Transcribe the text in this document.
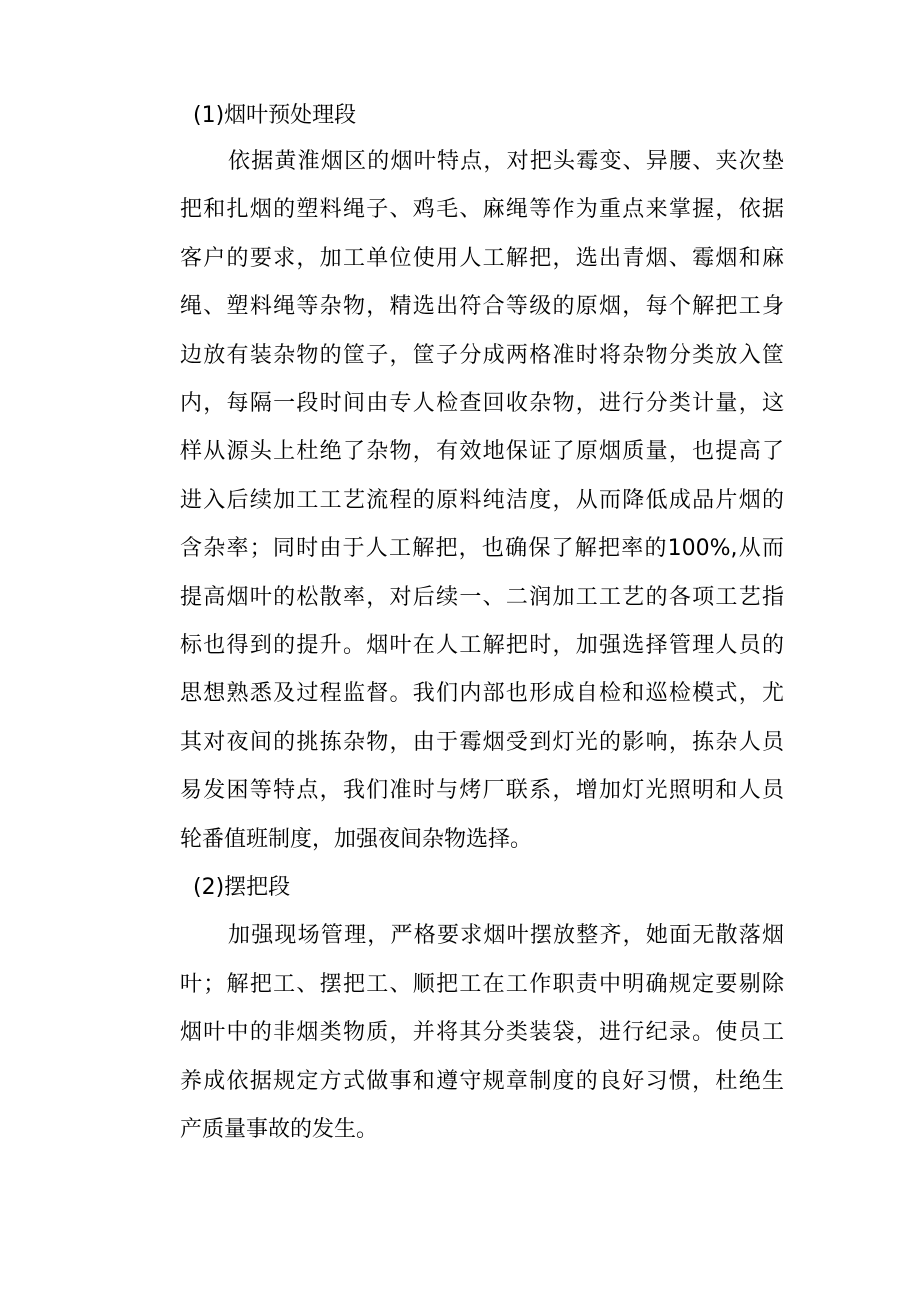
(1)烟叶预处理段
依据黄淮烟区的烟叶特点，对把头霉变、异腰、夹次垫
把和扎烟的塑料绳子、鸡毛、麻绳等作为重点来掌握，依据
客户的要求，加工单位使用人工解把，选出青烟、霉烟和麻
绳、塑料绳等杂物，精选出符合等级的原烟，每个解把工身
边放有装杂物的筐子，筐子分成两格准时将杂物分类放入筐
内，每隔一段时间由专人检查回收杂物，进行分类计量，这
样从源头上杜绝了杂物，有效地保证了原烟质量，也提高了
进入后续加工工艺流程的原料纯洁度，从而降低成品片烟的
含杂率；同时由于人工解把，也确保了解把率的100%,从而
提高烟叶的松散率，对后续一、二润加工工艺的各项工艺指
标也得到的提升。烟叶在人工解把时，加强选择管理人员的
思想熟悉及过程监督。我们内部也形成自检和巡检模式，尤
其对夜间的挑拣杂物，由于霉烟受到灯光的影响，拣杂人员
易发困等特点，我们准时与烤厂联系，增加灯光照明和人员
轮番值班制度，加强夜间杂物选择。
(2)摆把段
加强现场管理，严格要求烟叶摆放整齐，她面无散落烟
叶；解把工、摆把工、顺把工在工作职责中明确规定要剔除
烟叶中的非烟类物质，并将其分类装袋，进行纪录。使员工
养成依据规定方式做事和遵守规章制度的良好习惯，杜绝生
产质量事故的发生。
